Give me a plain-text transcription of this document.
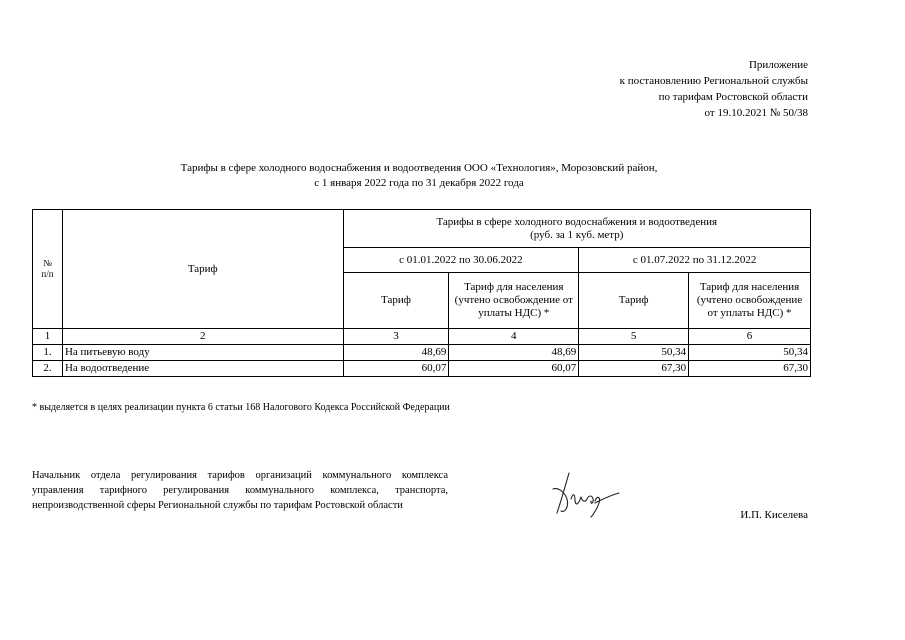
Приложение
к постановлению Региональной службы
по тарифам Ростовской области
от 19.10.2021 № 50/38
Тарифы в сфере холодного водоснабжения и водоотведения ООО «Технология», Морозовский район,
с 1 января 2022 года по 31 декабря 2022 года
№ п/п	Тариф	Тарифы в сфере холодного водоснабжения и водоотведения
(руб. за 1 куб. метр)			

		с 01.01.2022 по 30.06.2022		с 01.07.2022 по 31.12.2022	
		Тариф	Тариф для населения (учтено освобождение от уплаты НДС) *	Тариф	Тариф для населения (учтено освобождение от уплаты НДС) *
1	2	3	4	5	6
1.	На питьевую воду	48,69	48,69	50,34	50,34
2.	На водоотведение	60,07	60,07	67,30	67,30
* выделяется в целях реализации пункта 6 статьи 168 Налогового Кодекса Российской Федерации
Начальник отдела регулирования тарифов организаций коммунального комплекса управления тарифного регулирования коммунального комплекса, транспорта, непроизводственной сферы Региональной службы по тарифам Ростовской области
И.П. Киселева
